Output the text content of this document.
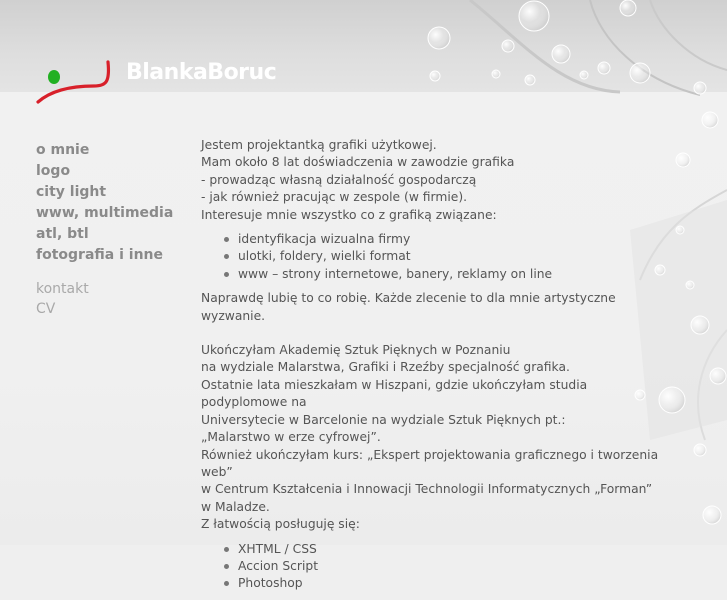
BlankaBoruc
o mnie
logo
city light
www, multimedia
atl, btl
fotografia i inne
kontakt
CV

Jestem projektantką grafiki użytkowej.

Mam około 8 lat doświadczenia w zawodzie grafika

- prowadząc własną działalność gospodarczą

- jak również pracując w zespole (w firmie).

Interesuje mnie wszystko co z grafiką związane:

identyfikacja wizualna firmy
ulotki, foldery, wielki format
www – strony internetowe, banery, reklamy on line

Naprawdę lubię to co robię. Każde zlecenie to dla mnie artystyczne wyzwanie.

Ukończyłam Akademię Sztuk Pięknych w Poznaniu

na wydziale Malarstwa, Grafiki i Rzeźby specjalność grafika.

Ostatnie lata mieszkałam w Hiszpani, gdzie ukończyłam studia podyplomowe na

Universytecie w Barcelonie na wydziale Sztuk Pięknych pt.:

„Malarstwo w erze cyfrowej”.

Również ukończyłam kurs: „Ekspert projektowania graficznego i tworzenia web”

w Centrum Kształcenia i Innowacji Technologii Informatycznych „Forman”

w Maladze.

Z łatwością posługuję się:

XHTML / CSS
Accion Script
Photoshop
